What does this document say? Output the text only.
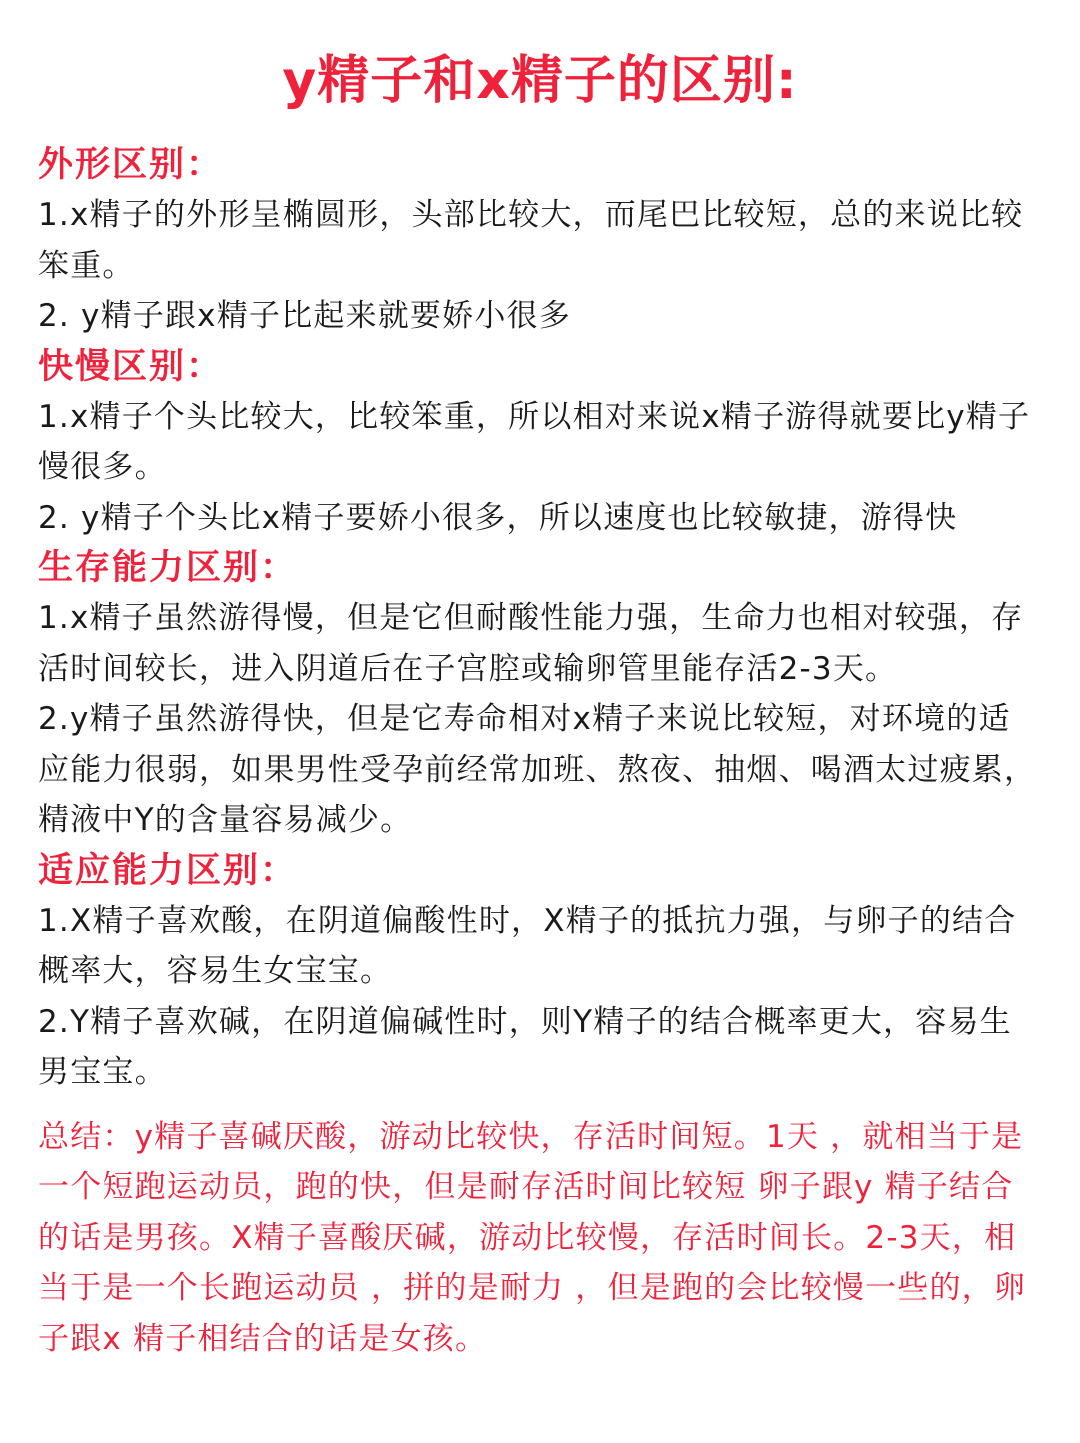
y精子和x精子的区别:
外形区别：

1.x精子的外形呈椭圆形，头部比较大，而尾巴比较短，总的来说比较笨重。

2. y精子跟x精子比起来就要娇小很多

快慢区别：

1.x精子个头比较大，比较笨重，所以相对来说x精子游得就要比y精子慢很多。

2. y精子个头比x精子要娇小很多，所以速度也比较敏捷，游得快

生存能力区别：

1.x精子虽然游得慢，但是它但耐酸性能力强，生命力也相对较强，存活时间较长，进入阴道后在子宫腔或输卵管里能存活2-3天。

2.y精子虽然游得快，但是它寿命相对x精子来说比较短，对环境的适应能力很弱，如果男性受孕前经常加班、熬夜、抽烟、喝酒太过疲累，精液中Y的含量容易减少。

适应能力区别：

1.X精子喜欢酸，在阴道偏酸性时，X精子的抵抗力强，与卵子的结合概率大，容易生女宝宝。

2.Y精子喜欢碱，在阴道偏碱性时，则Y精子的结合概率更大，容易生男宝宝。

总结：y精子喜碱厌酸，游动比较快，存活时间短。1天 ，就相当于是一个短跑运动员，跑的快，但是耐存活时间比较短 卵子跟y 精子结合的话是男孩。X精子喜酸厌碱，游动比较慢，存活时间长。2-3天，相当于是一个长跑运动员 ，拼的是耐力 ，但是跑的会比较慢一些的，卵子跟x 精子相结合的话是女孩。
